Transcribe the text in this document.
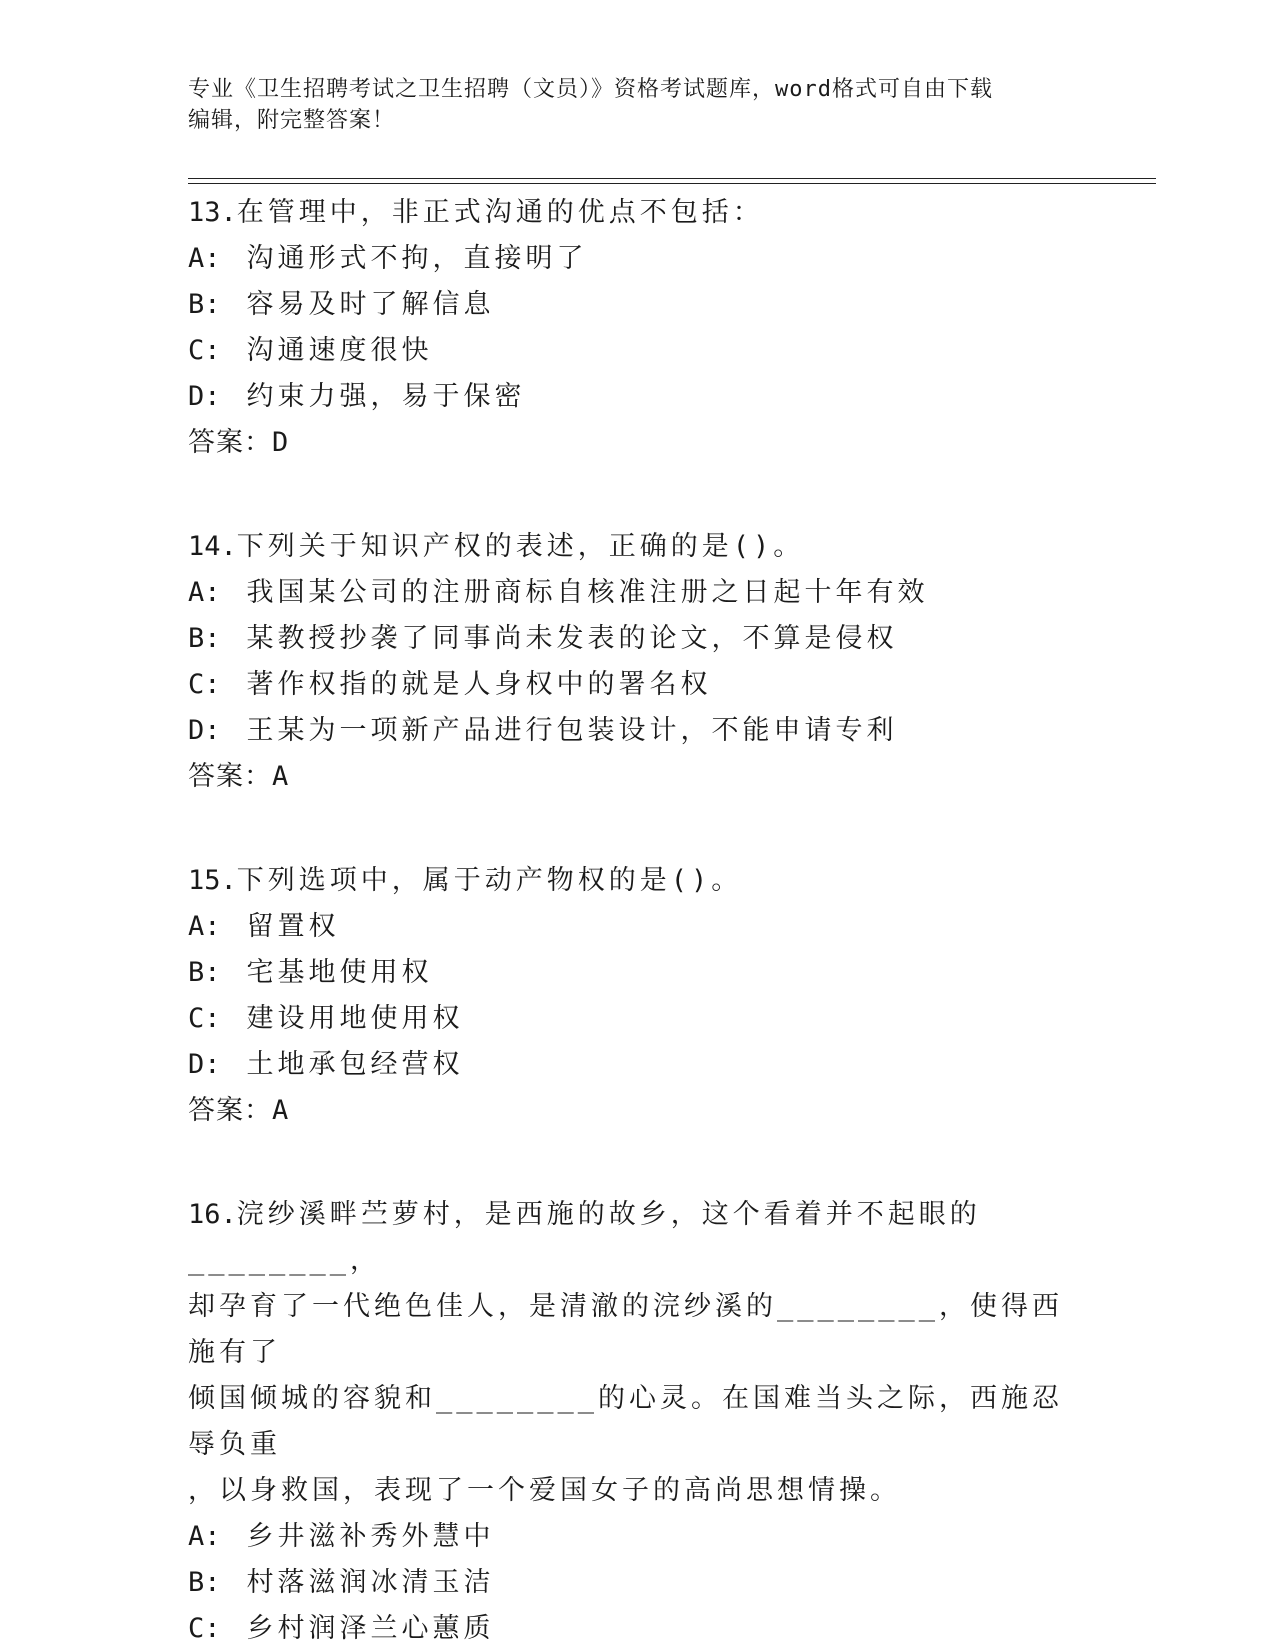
专业《卫生招聘考试之卫生招聘（文员）》资格考试题库，word格式可自由下载
编辑，附完整答案！

13. 在管理中，非正式沟通的优点不包括：

A: 沟通形式不拘，直接明了

B: 容易及时了解信息

C: 沟通速度很快

D: 约束力强，易于保密

答案：D

14. 下列关于知识产权的表述，正确的是()。

A: 我国某公司的注册商标自核准注册之日起十年有效

B: 某教授抄袭了同事尚未发表的论文，不算是侵权

C: 著作权指的就是人身权中的署名权

D: 王某为一项新产品进行包装设计，不能申请专利

答案：A

15. 下列选项中，属于动产物权的是()。

A: 留置权

B: 宅基地使用权

C: 建设用地使用权

D: 土地承包经营权

答案：A

16.浣纱溪畔苎萝村，是西施的故乡，这个看着并不起眼的________，

却孕育了一代绝色佳人，是清澈的浣纱溪的________，使得西施有了

倾国倾城的容貌和________的心灵。在国难当头之际，西施忍辱负重

，以身救国，表现了一个爱国女子的高尚思想情操。

A: 乡井滋补秀外慧中

B: 村落滋润冰清玉洁

C: 乡村润泽兰心蕙质
